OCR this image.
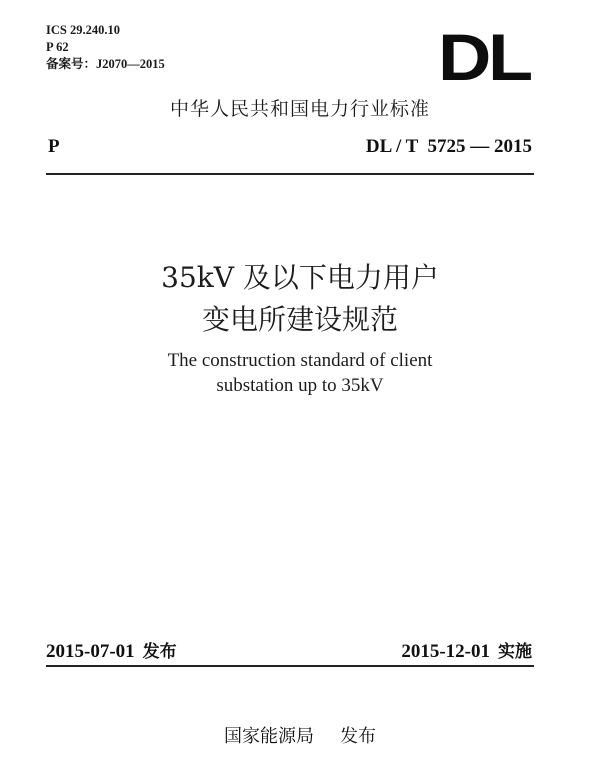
ICS 29.240.10
P 62
备案号：J2070—2015	DL
中华人民共和国电力行业标准
P	DL / T  5725 — 2015
35kV 及以下电力用户
变电所建设规范
The construction standard of client
substation up to 35kV
2015-07-01 发布	2015-12-01 实施
国家能源局 发布
